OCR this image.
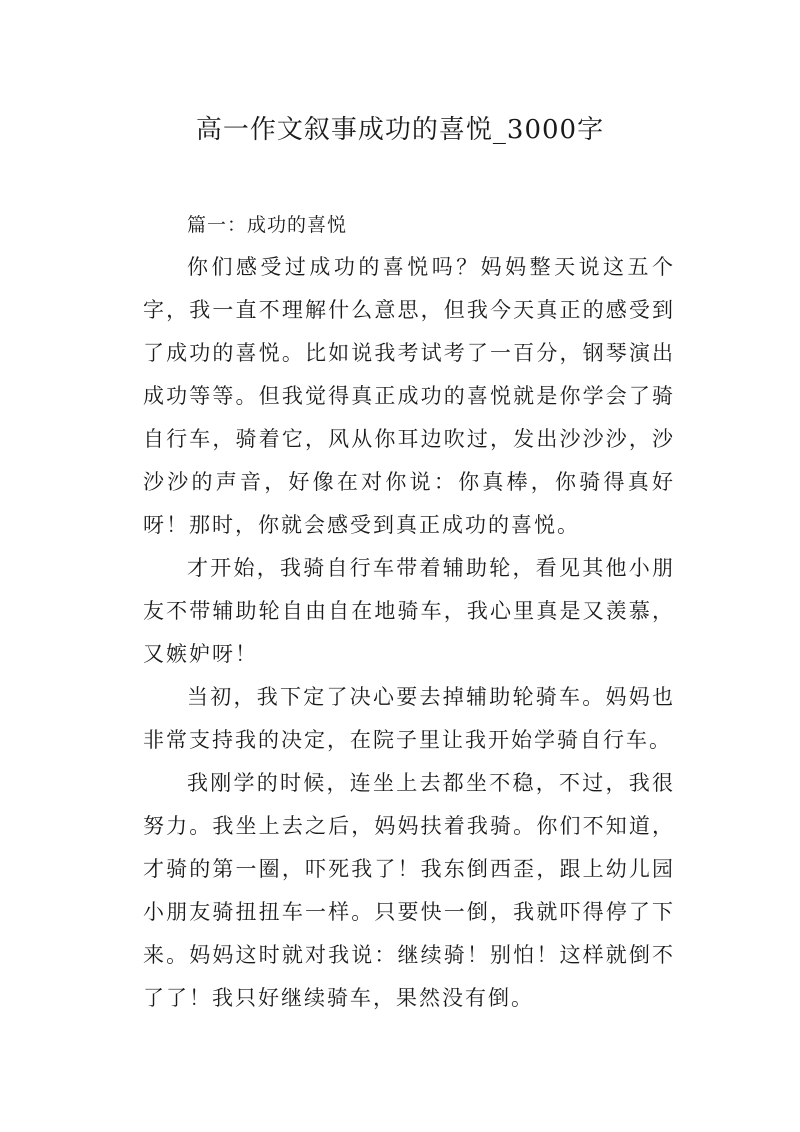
高一作文叙事成功的喜悦_3000字

篇一：成功的喜悦

你们感受过成功的喜悦吗？妈妈整天说这五个字，我一直不理解什么意思，但我今天真正的感受到了成功的喜悦。比如说我考试考了一百分，钢琴演出成功等等。但我觉得真正成功的喜悦就是你学会了骑自行车，骑着它，风从你耳边吹过，发出沙沙沙，沙沙沙的声音，好像在对你说：你真棒，你骑得真好呀！那时，你就会感受到真正成功的喜悦。

才开始，我骑自行车带着辅助轮，看见其他小朋友不带辅助轮自由自在地骑车，我心里真是又羡慕，又嫉妒呀！

当初，我下定了决心要去掉辅助轮骑车。妈妈也非常支持我的决定，在院子里让我开始学骑自行车。

我刚学的时候，连坐上去都坐不稳，不过，我很努力。我坐上去之后，妈妈扶着我骑。你们不知道，才骑的第一圈，吓死我了！我东倒西歪，跟上幼儿园小朋友骑扭扭车一样。只要快一倒，我就吓得停了下来。妈妈这时就对我说：继续骑！别怕！这样就倒不了了！我只好继续骑车，果然没有倒。
